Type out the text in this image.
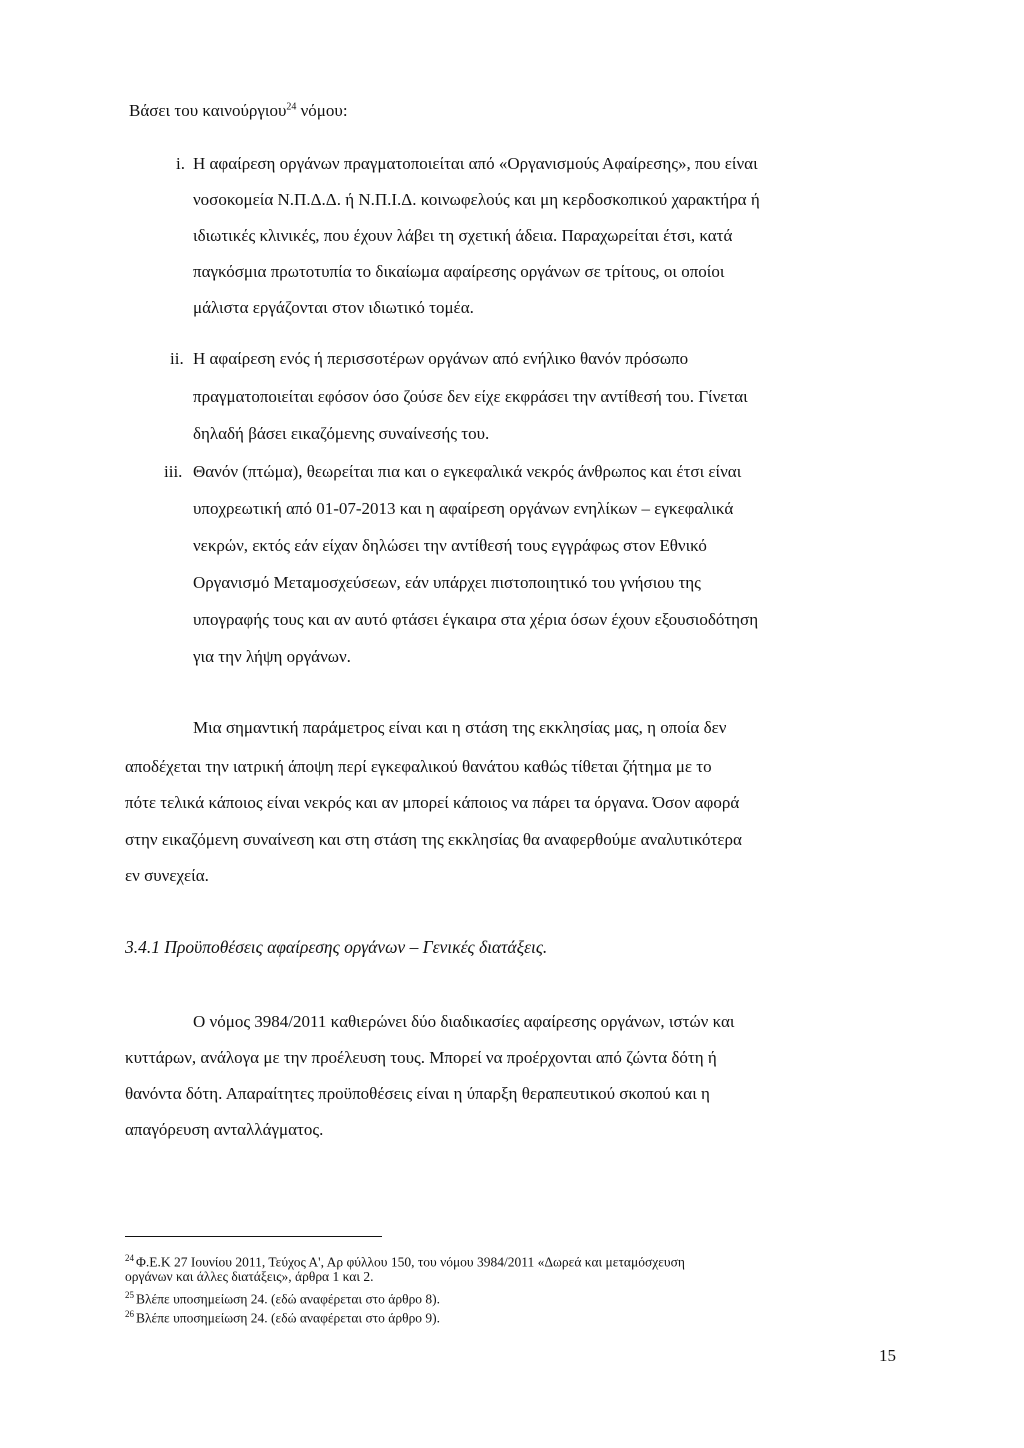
Βάσει του καινούργιου$^{24}$ νόμου:
i. Η αφαίρεση οργάνων πραγματοποιείται από «Οργανισμούς Αφαίρεσης», που είναι
νοσοκομεία Ν.Π.Δ.Δ. ή Ν.Π.Ι.Δ. κοινωφελούς και μη κερδοσκοπικού χαρακτήρα ή
ιδιωτικές κλινικές, που έχουν λάβει τη σχετική άδεια. Παραχωρείται έτσι, κατά
παγκόσμια πρωτοτυπία το δικαίωμα αφαίρεσης οργάνων σε τρίτους, οι οποίοι
μάλιστα εργάζονται στον ιδιωτικό τομέα.
ii. Η αφαίρεση ενός ή περισσοτέρων οργάνων από ενήλικο θανόν πρόσωπο
πραγματοποιείται εφόσον όσο ζούσε δεν είχε εκφράσει την αντίθεσή του. Γίνεται
δηλαδή βάσει εικαζόμενης συναίνεσής του.
iii. Θανόν (πτώμα), θεωρείται πια και ο εγκεφαλικά νεκρός άνθρωπος και έτσι είναι
υποχρεωτική από 01-07-2013 και η αφαίρεση οργάνων ενηλίκων – εγκεφαλικά
νεκρών, εκτός εάν είχαν δηλώσει την αντίθεσή τους εγγράφως στον Εθνικό
Οργανισμό Μεταμοσχεύσεων, εάν υπάρχει πιστοποιητικό του γνήσιου της
υπογραφής τους και αν αυτό φτάσει έγκαιρα στα χέρια όσων έχουν εξουσιοδότηση
για την λήψη οργάνων.
Μια σημαντική παράμετρος είναι και η στάση της εκκλησίας μας, η οποία δεν
αποδέχεται την ιατρική άποψη περί εγκεφαλικού θανάτου καθώς τίθεται ζήτημα με το
πότε τελικά κάποιος είναι νεκρός και αν μπορεί κάποιος να πάρει τα όργανα. Όσον αφορά
στην εικαζόμενη συναίνεση και στη στάση της εκκλησίας θα αναφερθούμε αναλυτικότερα
εν συνεχεία.
3.4.1 Προϋποθέσεις αφαίρεσης οργάνων – Γενικές διατάξεις.
Ο νόμος 3984/2011 καθιερώνει δύο διαδικασίες αφαίρεσης οργάνων, ιστών και
κυττάρων, ανάλογα με την προέλευση τους. Μπορεί να προέρχονται από ζώντα δότη ή
θανόντα δότη. Απαραίτητες προϋποθέσεις είναι η ύπαρξη θεραπευτικού σκοπού και η
απαγόρευση ανταλλάγματος.
$^{24}$ Φ.Ε.Κ 27 Ιουνίου 2011, Τεύχος Α', Αρ φύλλου 150, του νόμου 3984/2011 «Δωρεά και μεταμόσχευση
οργάνων και άλλες διατάξεις», άρθρα 1 και 2.
$^{25}$ Βλέπε υποσημείωση 24. (εδώ αναφέρεται στο άρθρο 8).
$^{26}$ Βλέπε υποσημείωση 24. (εδώ αναφέρεται στο άρθρο 9).
15
